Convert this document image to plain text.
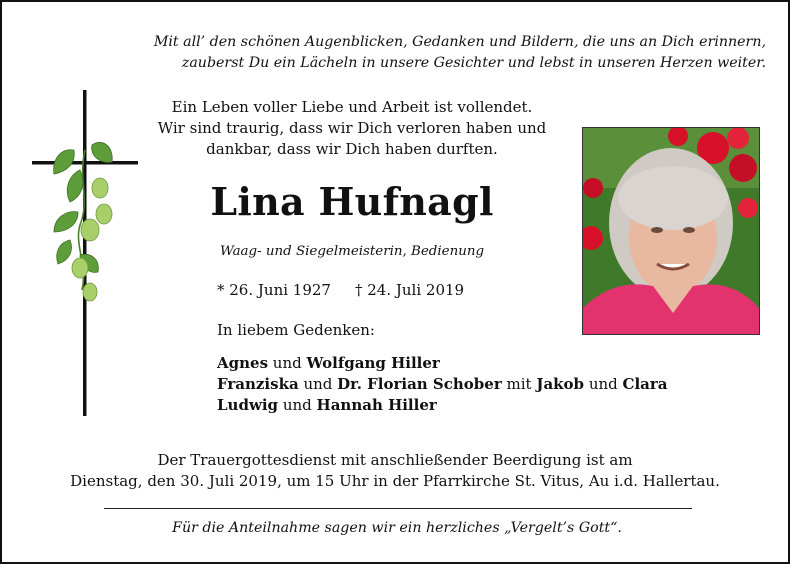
Mit all’ den schönen Augenblicken, Gedanken und Bildern, die uns an Dich erinnern,
zauberst Du ein Lächeln in unsere Gesichter und lebst in unseren Herzen weiter.
Ein Leben voller Liebe und Arbeit ist vollendet.
Wir sind traurig, dass wir Dich verloren haben und
dankbar, dass wir Dich haben durften.
Lina Hufnagl
Waag- und Siegelmeisterin, Bedienung
* 26. Juni 1927 † 24. Juli 2019
In liebem Gedenken:
Agnes und Wolfgang Hiller
Franziska und Dr. Florian Schober mit Jakob und Clara
Ludwig und Hannah Hiller
Der Trauergottesdienst mit anschließender Beerdigung ist am
Dienstag, den 30. Juli 2019, um 15 Uhr in der Pfarrkirche St. Vitus, Au i.d. Hallertau.
Für die Anteilnahme sagen wir ein herzliches „Vergelt’s Gott“.
